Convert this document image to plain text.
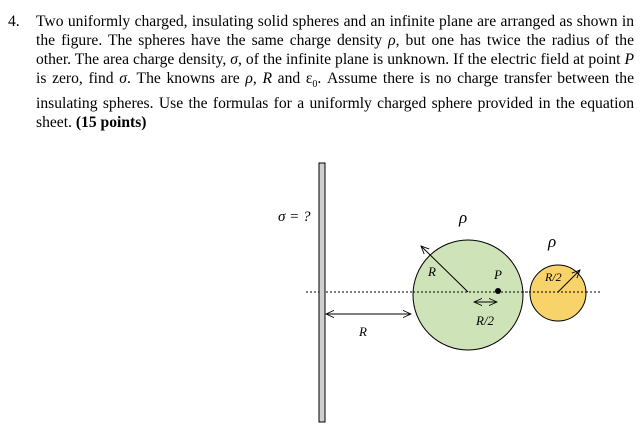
4.	Two uniformly charged, insulating solid spheres and an infinite plane are arranged as shown in the figure. The spheres have the same charge density ρ, but one has twice the radius of the other. The area charge density, σ, of the infinite plane is unknown. If the electric field at point P is zero, find σ. The knowns are ρ, R and $\varepsilon_0$. Assume there is no charge transfer between the insulating spheres. Use the formulas for a uniformly charged sphere provided in the equation sheet. (15 points)
σ = ?	ρ
ρ
R	P	R/2
R/2
R
